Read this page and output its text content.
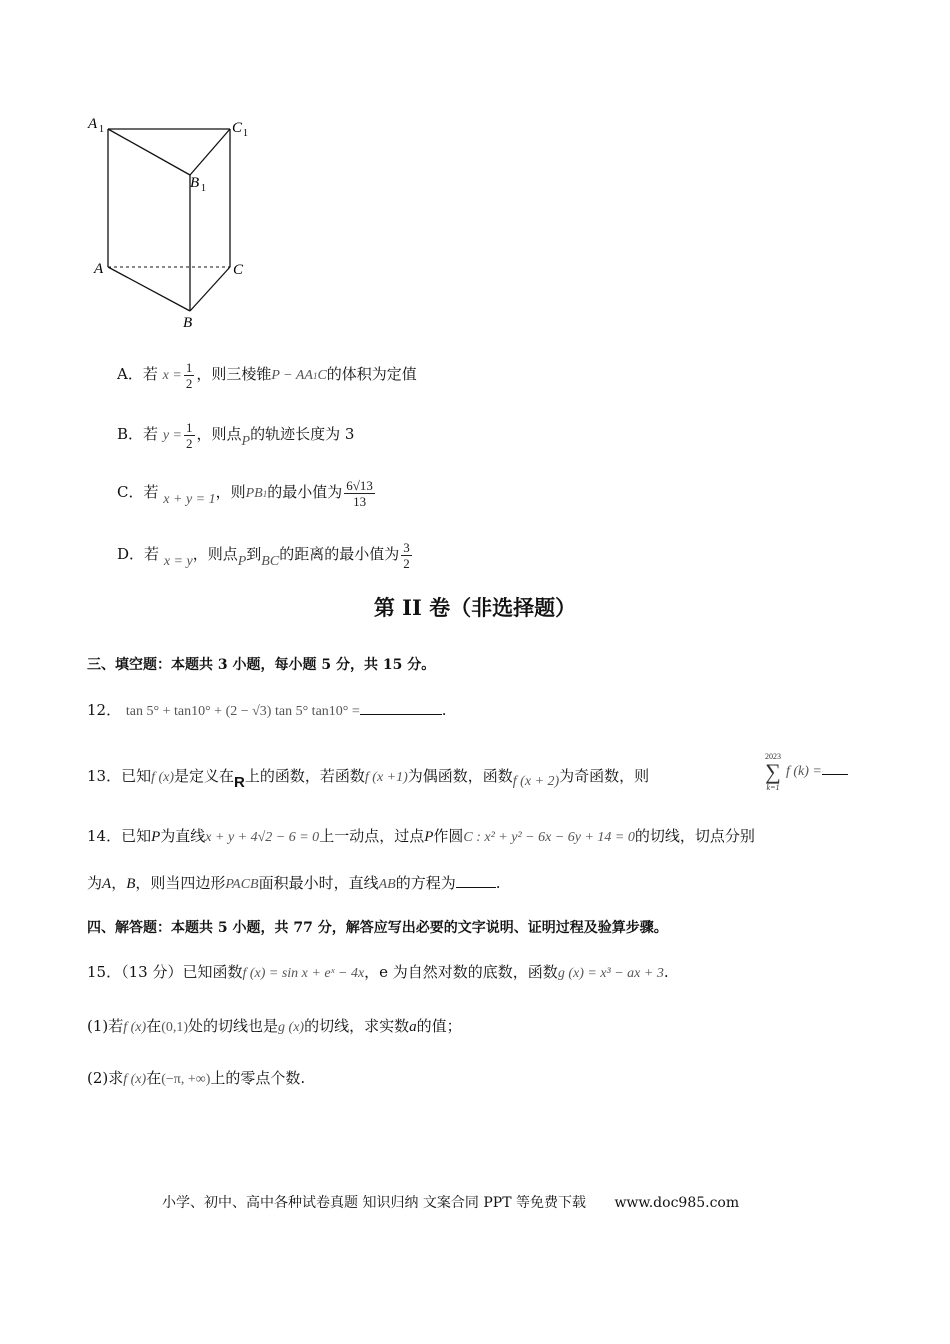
A 1	C 1
B 1
A	C
B
A．若 $x = \frac{1}{2}$ ，则三棱锥P − AA1C的体积为定值
B．若 $y = \frac{1}{2}$ ，则点P的轨迹长度为 3
C．若 x + y = 1，则PB1的最小值为 $\frac{6√13}{13}$
D．若 x = y，则点P到BC的距离的最小值为 $\frac{3}{2}$
第 II 卷（非选择题）
三、填空题：本题共 3 小题，每小题 5 分，共 15 分。
12． tan 5° + tan10° + (2 − √3) tan 5° tan10° =	.
13．已知f (x)是定义在R上的函数，若函数f (x +1)为偶函数，函数f (x + 2)为奇函数，则
2023
∑
k=1
f (k) =
14．已知P为直线x + y + 4√2 − 6 = 0上一动点，过点P作圆C : x² + y² − 6x − 6y + 14 = 0的切线，切点分别
为A，B，则当四边形PACB面积最小时，直线AB的方程为	.
四、解答题：本题共 5 小题，共 77 分，解答应写出必要的文字说明、证明过程及验算步骤。
15．（13 分）已知函数f (x) = sin x + eˣ − 4x，e 为自然对数的底数，函数g (x) = x³ − ax + 3.
(1)若f (x)在(0,1)处的切线也是g (x)的切线，求实数a的值；
(2)求f (x)在(−π, +∞)上的零点个数.
小学、初中、高中各种试卷真题 知识归纳 文案合同 PPT 等免费下载 www.doc985.com
